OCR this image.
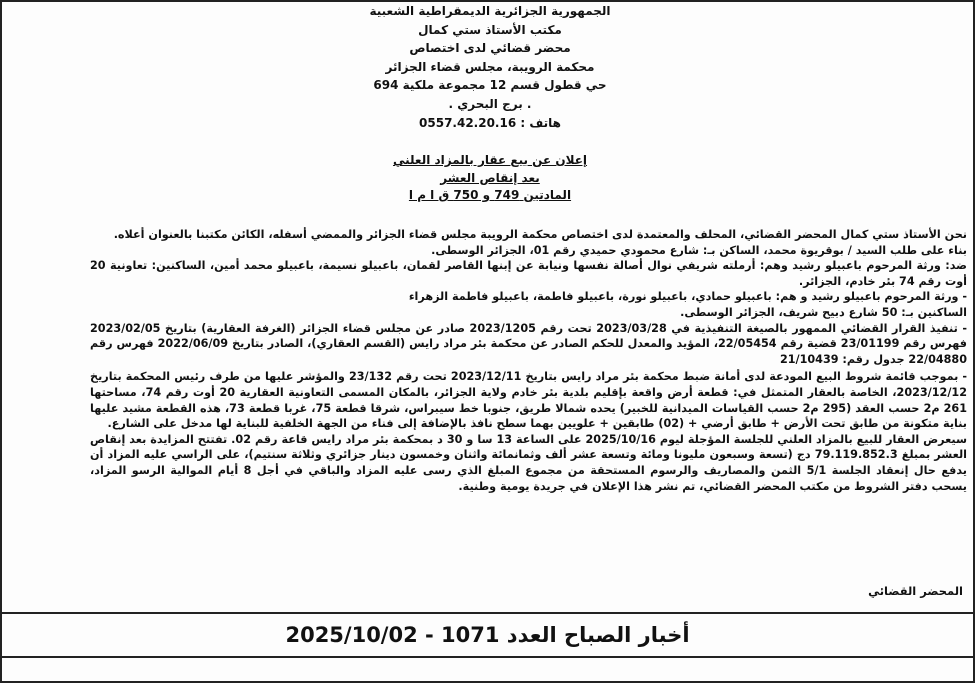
الجمهورية الجزائرية الديمقراطية الشعبية
مكتب الأستاذ ستي كمال
محضر قضائي لدى اختصاص
محكمة الرويبة، مجلس قضاء الجزائر
حي قطول قسم 12 مجموعة ملكية 694
. برج البحري .
هاتف : 0557.42.20.16
إعلان عن بيع عقار بالمزاد العلني
بعد إنقاص العشر
المادتين 749 و 750 ق ا م ا

نحن الأستاذ ستي كمال المحضر القضائي، المحلف والمعتمدة لدى اختصاص محكمة الرويبة مجلس قضاء الجزائر والممضي أسفله، الكائن مكتبنا بالعنوان أعلاه.

بناء على طلب السيد / بوقريوة محمد، الساكن بـ: شارع محمودي حميدي رقم 01، الجزائر الوسطى.

ضد: ورثة المرحوم باعبيلو رشيد وهم: أرملته شريفي نوال أصالة نفسها ونيابة عن إبنها القاصر لقمان، باعبيلو نسيمة، باعبيلو محمد أمين، الساكنين: تعاونية 20 أوت رقم 74 بئر خادم، الجزائر.

- ورثة المرحوم باعبيلو رشيد و هم: باعبيلو حمادي، باعبيلو نورة، باعبيلو فاطمة، باعبيلو فاطمة الزهراء

الساكنين بـ: 50 شارع دبيح شريف، الجزائر الوسطى.

- تنفيذ القرار القضائي الممهور بالصيغة التنفيذية في 2023/03/28 تحت رقم 2023/1205 صادر عن مجلس قضاء الجزائر (الغرفة العقارية) بتاريخ 2023/02/05 فهرس رقم 23/01199 قضية رقم 22/05454، المؤيد والمعدل للحكم الصادر عن محكمة بئر مراد رايس (القسم العقاري)، الصادر بتاريخ 2022/06/09 فهرس رقم 22/04880 جدول رقم: 21/10439

- بموجب قائمة شروط البيع المودعة لدى أمانة ضبط محكمة بئر مراد رايس بتاريخ 2023/12/11 تحت رقم 23/132 والمؤشر عليها من طرف رئيس المحكمة بتاريخ 2023/12/12، الخاصة بالعقار المتمثل في: قطعة أرض واقعة بإقليم بلدية بئر خادم ولاية الجزائر، بالمكان المسمى التعاونية العقارية 20 أوت رقم 74، مساحتها 261 م2 حسب العقد (295 م2 حسب القياسات الميدانية للخبير) يحده شمالا طريق، جنوبا خط سيبراس، شرقا قطعة 75، غربا قطعة 73، هذه القطعة مشيد عليها بناية متكونة من طابق تحت الأرض + طابق أرضي + (02) طابقين + علويين بهما سطح نافذ بالإضافة إلى فناء من الجهة الخلفية للبناية لها مدخل على الشارع.

سيعرض العقار للبيع بالمزاد العلني للجلسة المؤجلة ليوم 2025/10/16 على الساعة 13 سا و 30 د بمحكمة بئر مراد رايس قاعة رقم 02. تفتتح المزايدة بعد إنقاص العشر بمبلغ 79.119.852.3 دج (تسعة وسبعون مليونا ومائة وتسعة عشر ألف وثمانمائة واثنان وخمسون دينار جزائري وثلاثة سنتيم)، على الراسي عليه المزاد أن يدفع حال إنعقاد الجلسة 5/1 الثمن والمصاريف والرسوم المستحقة من مجموع المبلغ الذي رسى عليه المزاد والباقي في أجل 8 أيام الموالية الرسو المزاد، يسحب دفتر الشروط من مكتب المحضر القضائي، تم نشر هذا الإعلان في جريدة يومية وطنية.

المحضر القضائي
أخبار الصباح العدد 1071 - 2025/10/02
